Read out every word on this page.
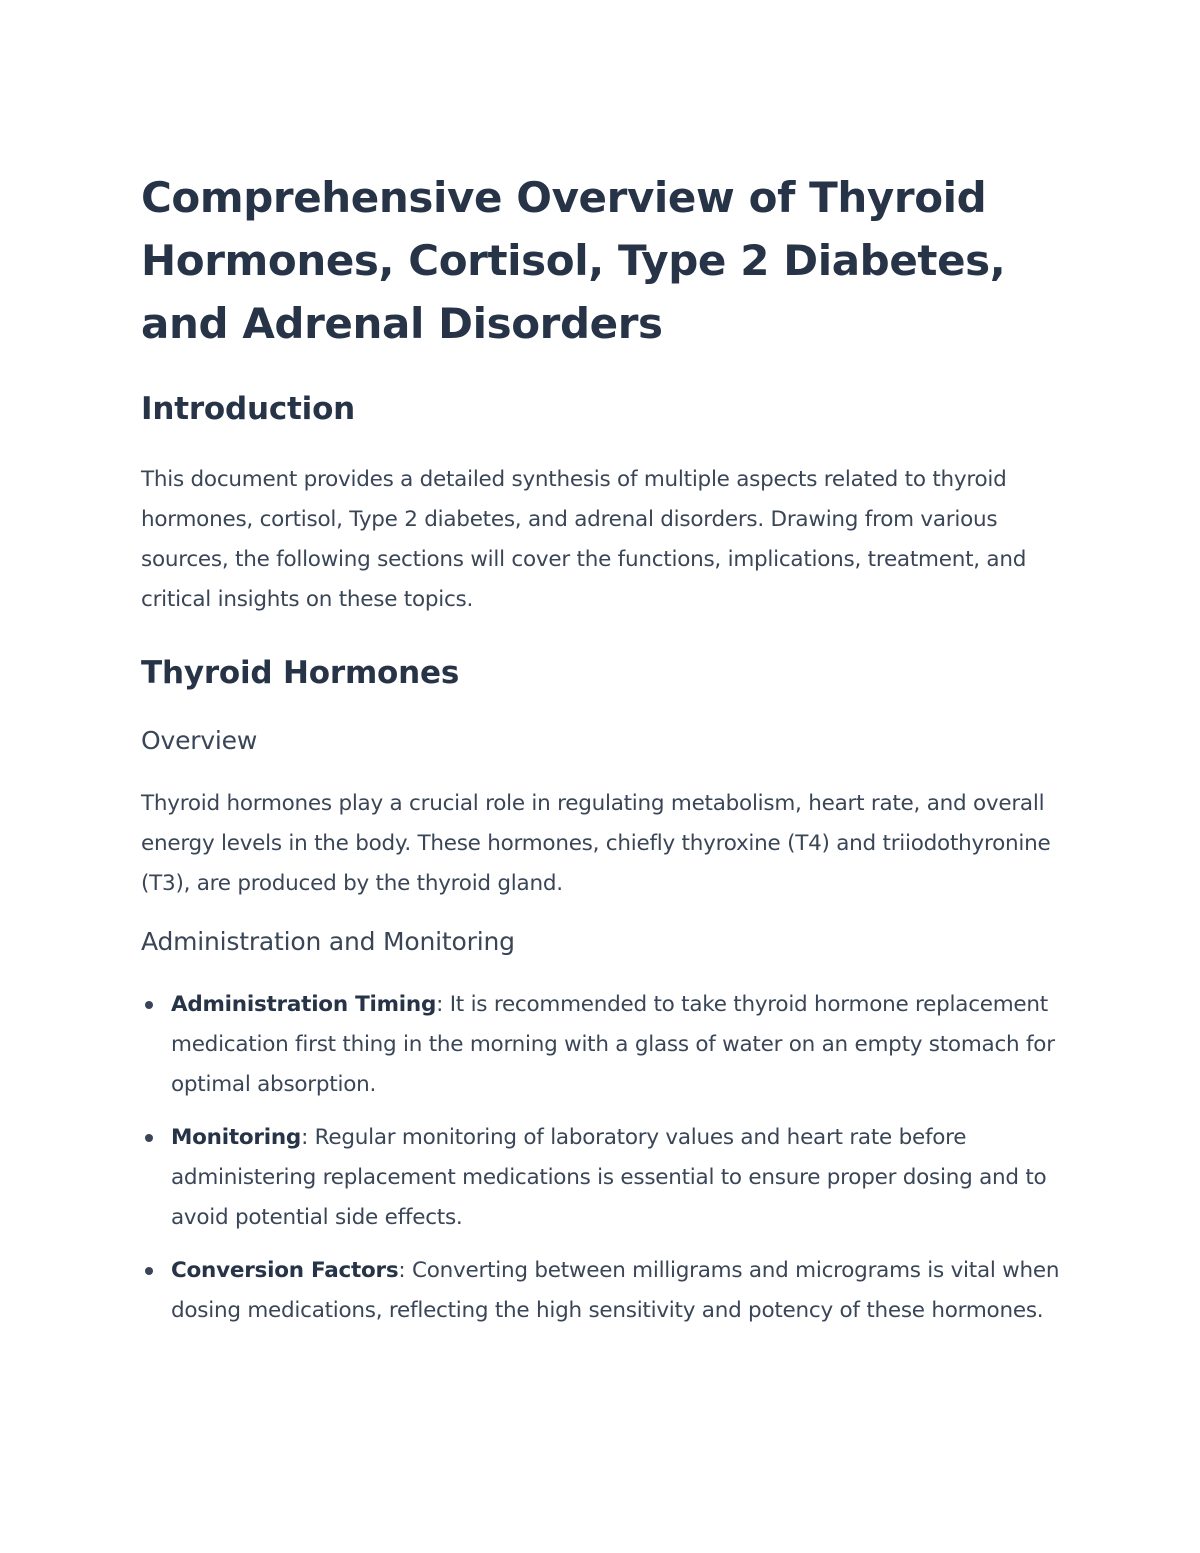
Comprehensive Overview of Thyroid Hormones, Cortisol, Type 2 Diabetes, and Adrenal Disorders
Introduction

This document provides a detailed synthesis of multiple aspects related to thyroid hormones, cortisol, Type 2 diabetes, and adrenal disorders. Drawing from various sources, the following sections will cover the functions, implications, treatment, and critical insights on these topics.

Thyroid Hormones
Overview

Thyroid hormones play a crucial role in regulating metabolism, heart rate, and overall energy levels in the body. These hormones, chiefly thyroxine (T4) and triiodothyronine (T3), are produced by the thyroid gland.

Administration and Monitoring
Administration Timing: It is recommended to take thyroid hormone replacement medication first thing in the morning with a glass of water on an empty stomach for optimal absorption.
Monitoring: Regular monitoring of laboratory values and heart rate before administering replacement medications is essential to ensure proper dosing and to avoid potential side effects.
Conversion Factors: Converting between milligrams and micrograms is vital when dosing medications, reflecting the high sensitivity and potency of these hormones.
